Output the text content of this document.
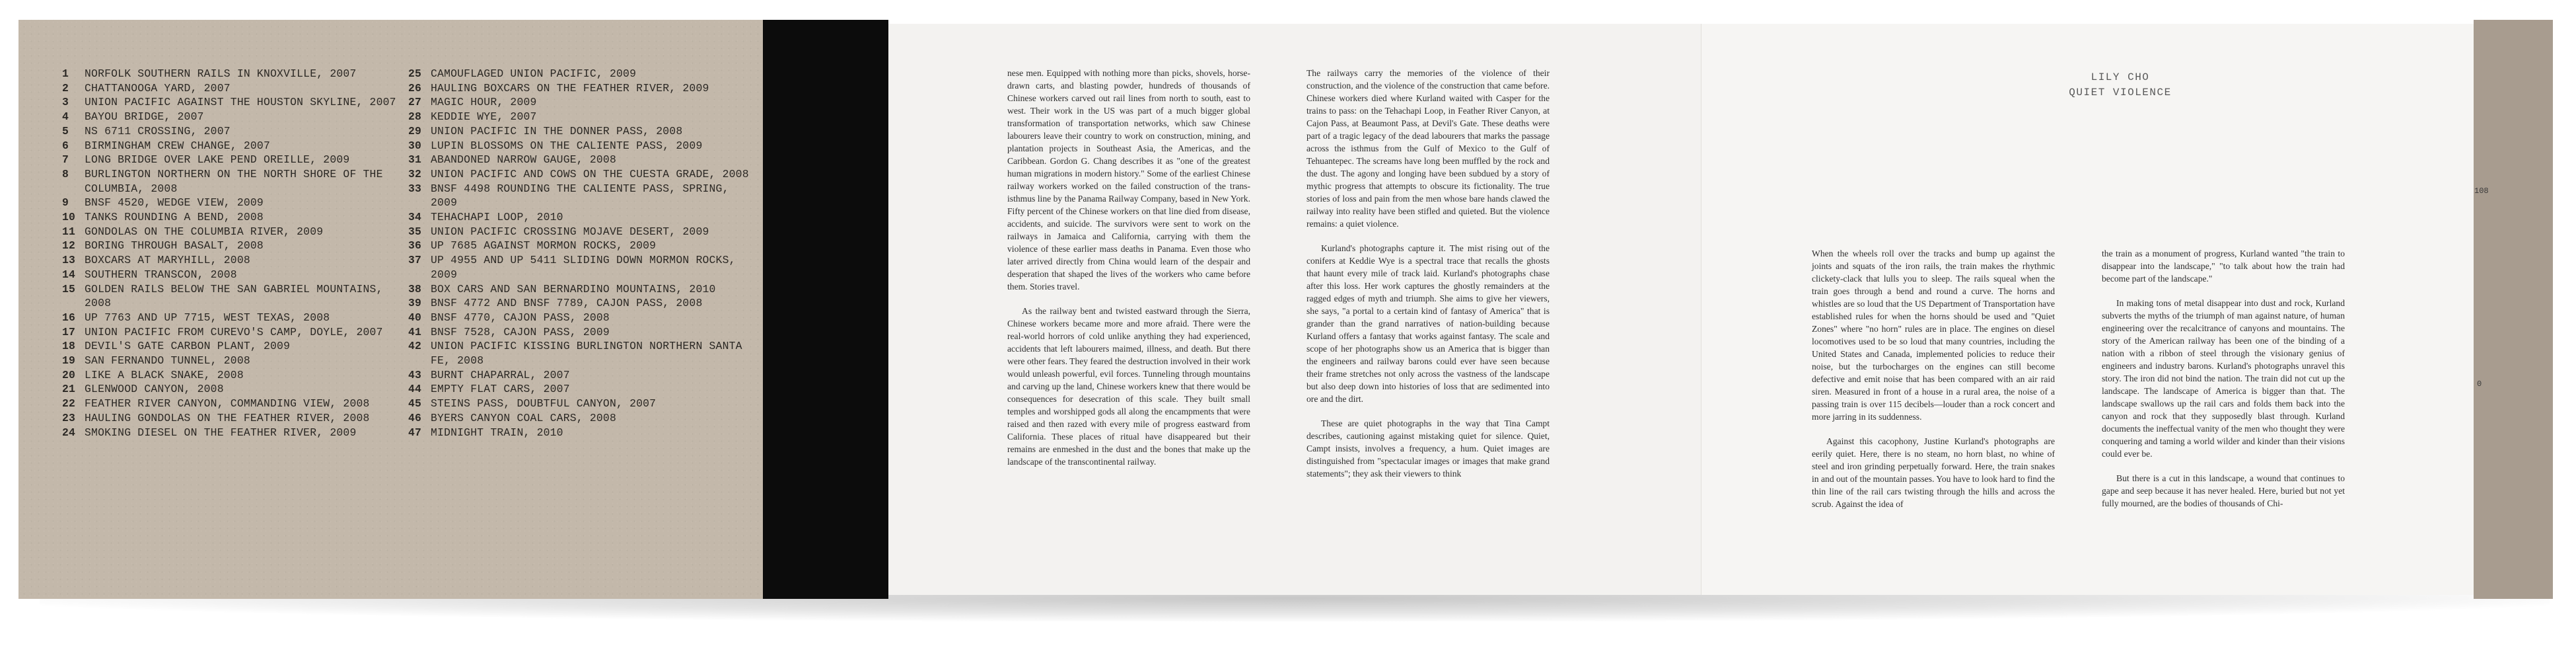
1	NORFOLK SOUTHERN RAILS IN KNOXVILLE, 2007
2	CHATTANOOGA YARD, 2007
3	UNION PACIFIC AGAINST THE HOUSTON SKYLINE, 2007
4	BAYOU BRIDGE, 2007
5	NS 6711 CROSSING, 2007
6	BIRMINGHAM CREW CHANGE, 2007
7	LONG BRIDGE OVER LAKE PEND OREILLE, 2009
8	BURLINGTON NORTHERN ON THE NORTH SHORE OF THE COLUMBIA, 2008
9	BNSF 4520, WEDGE VIEW, 2009
10 TANKS ROUNDING A BEND, 2008
11 GONDOLAS ON THE COLUMBIA RIVER, 2009
12 BORING THROUGH BASALT, 2008
13 BOXCARS AT MARYHILL, 2008
14 SOUTHERN TRANSCON, 2008
15 GOLDEN RAILS BELOW THE SAN GABRIEL MOUNTAINS, 2008
16 UP 7763 AND UP 7715, WEST TEXAS, 2008
17 UNION PACIFIC FROM CUREVO'S CAMP, DOYLE, 2007
18 DEVIL'S GATE CARBON PLANT, 2009
19 SAN FERNANDO TUNNEL, 2008
20 LIKE A BLACK SNAKE, 2008
21 GLENWOOD CANYON, 2008
22 FEATHER RIVER CANYON, COMMANDING VIEW, 2008
23 HAULING GONDOLAS ON THE FEATHER RIVER, 2008
24 SMOKING DIESEL ON THE FEATHER RIVER, 2009
25 CAMOUFLAGED UNION PACIFIC, 2009
26 HAULING BOXCARS ON THE FEATHER RIVER, 2009
27 MAGIC HOUR, 2009
28 KEDDIE WYE, 2007
29 UNION PACIFIC IN THE DONNER PASS, 2008
30 LUPIN BLOSSOMS ON THE CALIENTE PASS, 2009
31 ABANDONED NARROW GAUGE, 2008
32 UNION PACIFIC AND COWS ON THE CUESTA GRADE, 2008
33 BNSF 4498 ROUNDING THE CALIENTE PASS, SPRING, 2009
34 TEHACHAPI LOOP, 2010
35 UNION PACIFIC CROSSING MOJAVE DESERT, 2009
36 UP 7685 AGAINST MORMON ROCKS, 2009
37 UP 4955 AND UP 5411 SLIDING DOWN MORMON ROCKS, 2009
38 BOX CARS AND SAN BERNARDINO MOUNTAINS, 2010
39 BNSF 4772 AND BNSF 7789, CAJON PASS, 2008
40 BNSF 4770, CAJON PASS, 2008
41 BNSF 7528, CAJON PASS, 2009
42 UNION PACIFIC KISSING BURLINGTON NORTHERN SANTA FE, 2008
43 BURNT CHAPARRAL, 2007
44 EMPTY FLAT CARS, 2007
45 STEINS PASS, DOUBTFUL CANYON, 2007
46 BYERS CANYON COAL CARS, 2008
47 MIDNIGHT TRAIN, 2010

nese men. Equipped with nothing more than picks, shovels, horse-drawn carts, and blasting powder, hundreds of thousands of Chinese workers carved out rail lines from north to south, east to west. Their work in the US was part of a much bigger global transformation of transportation networks, which saw Chinese labourers leave their country to work on construction, mining, and plantation projects in Southeast Asia, the Americas, and the Caribbean. Gordon G. Chang describes it as "one of the greatest human migrations in modern history." Some of the earliest Chinese railway workers worked on the failed construction of the trans-isthmus line by the Panama Railway Company, based in New York. Fifty percent of the Chinese workers on that line died from disease, accidents, and suicide. The survivors were sent to work on the railways in Jamaica and California, carrying with them the violence of these earlier mass deaths in Panama. Even those who later arrived directly from China would learn of the despair and desperation that shaped the lives of the workers who came before them. Stories travel.

As the railway bent and twisted eastward through the Sierra, Chinese workers became more and more afraid. There were the real-world horrors of cold unlike anything they had experienced, accidents that left labourers maimed, illness, and death. But there were other fears. They feared the destruction involved in their work would unleash powerful, evil forces. Tunneling through mountains and carving up the land, Chinese workers knew that there would be consequences for desecration of this scale. They built small temples and worshipped gods all along the encampments that were raised and then razed with every mile of progress eastward from California. These places of ritual have disappeared but their remains are enmeshed in the dust and the bones that make up the landscape of the transcontinental railway.

The railways carry the memories of the violence of their construction, and the violence of the construction that came before. Chinese workers died where Kurland waited with Casper for the trains to pass: on the Tehachapi Loop, in Feather River Canyon, at Cajon Pass, at Beaumont Pass, at Devil's Gate. These deaths were part of a tragic legacy of the dead labourers that marks the passage across the isthmus from the Gulf of Mexico to the Gulf of Tehuantepec. The screams have long been muffled by the rock and the dust. The agony and longing have been subdued by a story of mythic progress that attempts to obscure its fictionality. The true stories of loss and pain from the men whose bare hands clawed the railway into reality have been stifled and quieted. But the violence remains: a quiet violence.

Kurland's photographs capture it. The mist rising out of the conifers at Keddie Wye is a spectral trace that recalls the ghosts that haunt every mile of track laid. Kurland's photographs chase after this loss. Her work captures the ghostly remainders at the ragged edges of myth and triumph. She aims to give her viewers, she says, "a portal to a certain kind of fantasy of America" that is grander than the grand narratives of nation-building because Kurland offers a fantasy that works against fantasy. The scale and scope of her photographs show us an America that is bigger than the engineers and railway barons could ever have seen because their frame stretches not only across the vastness of the landscape but also deep down into histories of loss that are sedimented into ore and the dirt.

These are quiet photographs in the way that Tina Campt describes, cautioning against mistaking quiet for silence. Quiet, Campt insists, involves a frequency, a hum. Quiet images are distinguished from "spectacular images or images that make grand statements"; they ask their viewers to think

LILY CHO
QUIET VIOLENCE

When the wheels roll over the tracks and bump up against the joints and squats of the iron rails, the train makes the rhythmic clickety-clack that lulls you to sleep. The rails squeal when the train goes through a bend and round a curve. The horns and whistles are so loud that the US Department of Transportation have established rules for when the horns should be used and "Quiet Zones" where "no horn" rules are in place. The engines on diesel locomotives used to be so loud that many countries, including the United States and Canada, implemented policies to reduce their noise, but the turbocharges on the engines can still become defective and emit noise that has been compared with an air raid siren. Measured in front of a house in a rural area, the noise of a passing train is over 115 decibels—louder than a rock concert and more jarring in its suddenness.

Against this cacophony, Justine Kurland's photographs are eerily quiet. Here, there is no steam, no horn blast, no whine of steel and iron grinding perpetually forward. Here, the train snakes in and out of the mountain passes. You have to look hard to find the thin line of the rail cars twisting through the hills and across the scrub. Against the idea of

the train as a monument of progress, Kurland wanted "the train to disappear into the landscape," "to talk about how the train had become part of the landscape."

In making tons of metal disappear into dust and rock, Kurland subverts the myths of the triumph of man against nature, of human engineering over the recalcitrance of canyons and mountains. The story of the American railway has been one of the binding of a nation with a ribbon of steel through the visionary genius of engineers and industry barons. Kurland's photographs unravel this story. The iron did not bind the nation. The train did not cut up the landscape. The landscape of America is bigger than that. The landscape swallows up the rail cars and folds them back into the canyon and rock that they supposedly blast through. Kurland documents the ineffectual vanity of the men who thought they were conquering and taming a world wilder and kinder than their visions could ever be.

But there is a cut in this landscape, a wound that continues to gape and seep because it has never healed. Here, buried but not yet fully mourned, are the bodies of thousands of Chi-

108
0
